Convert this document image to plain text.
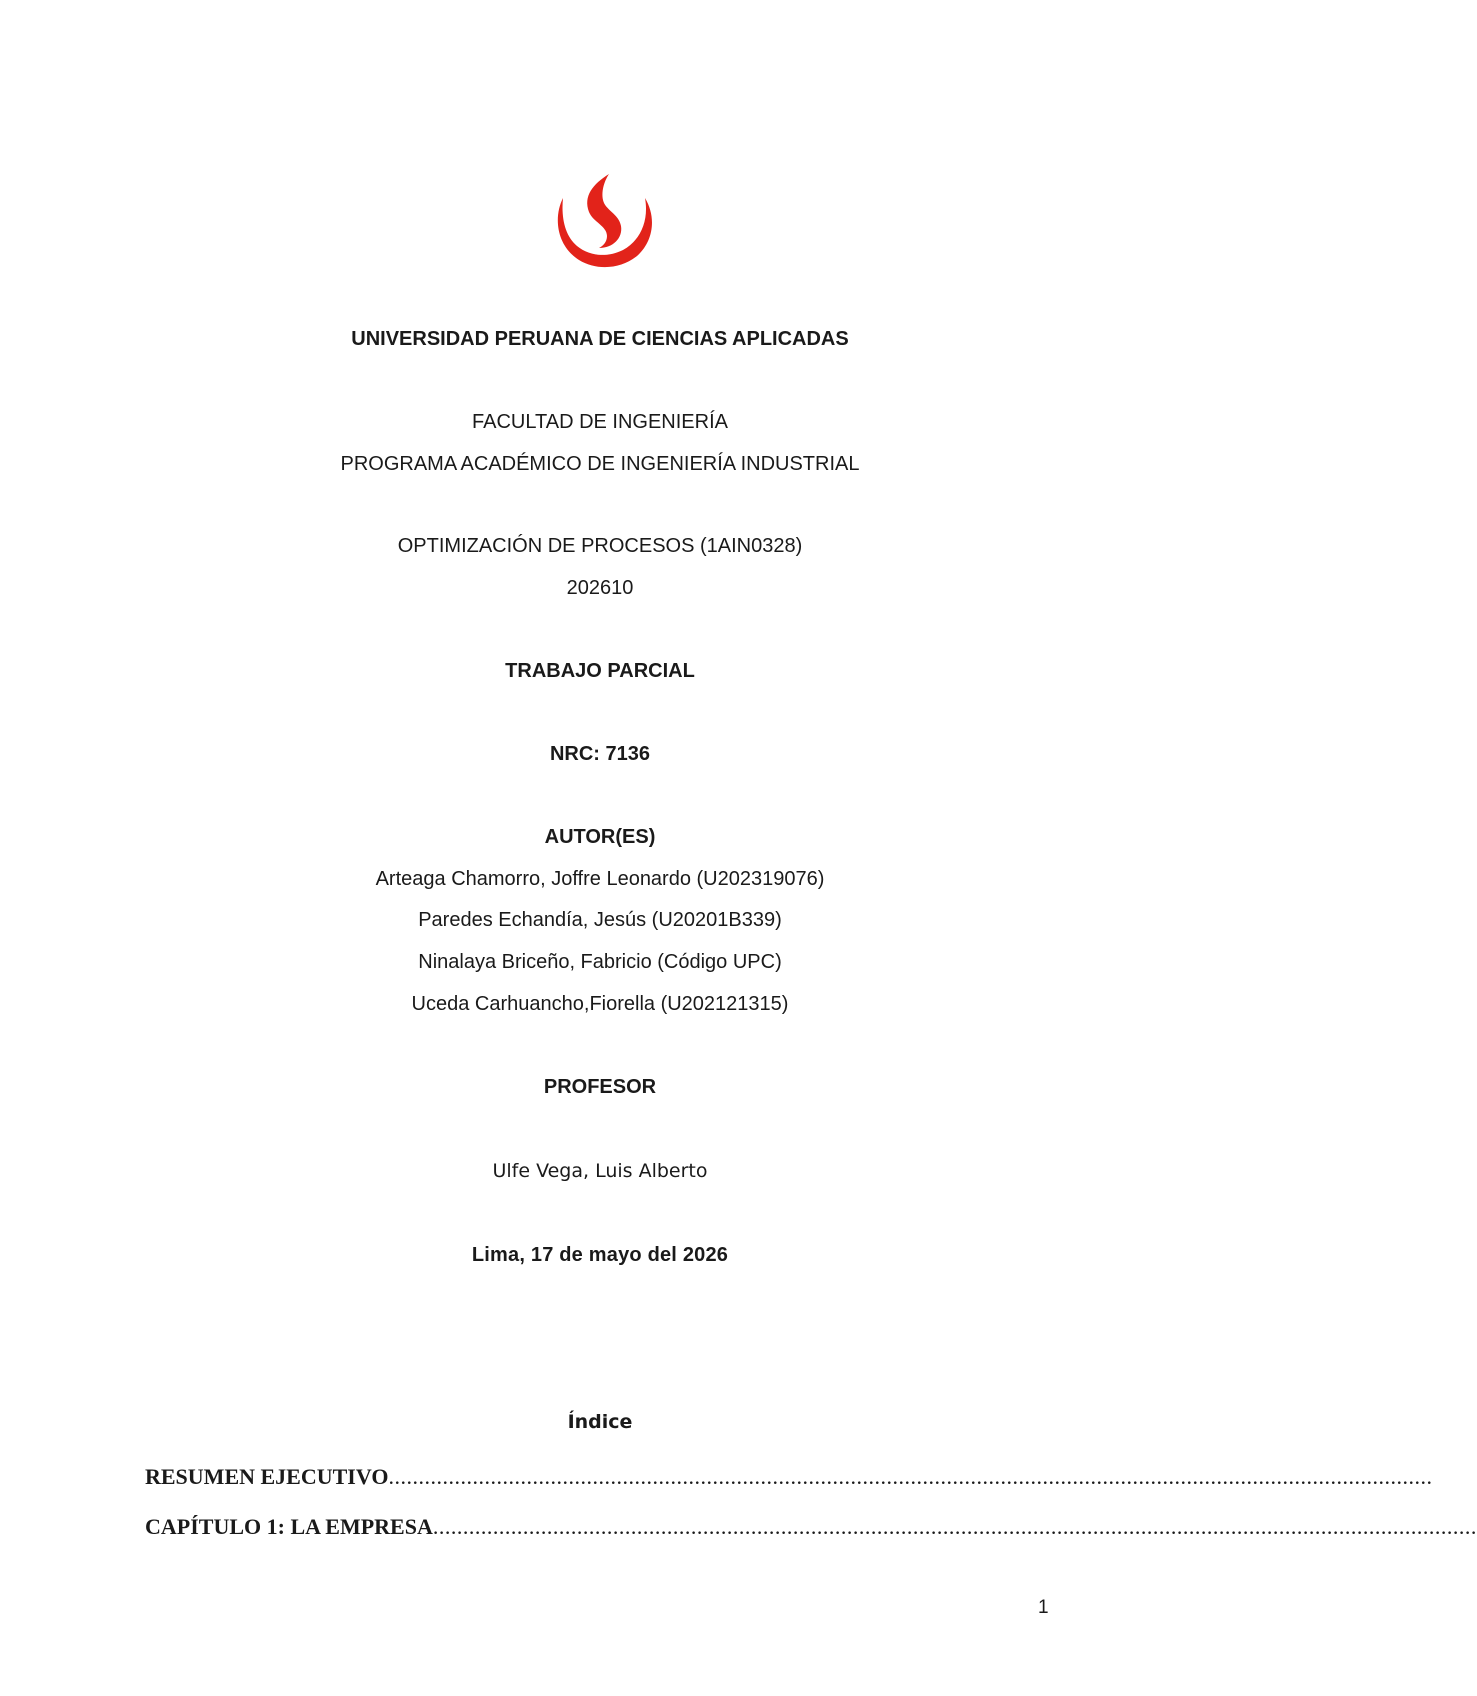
UNIVERSIDAD PERUANA DE CIENCIAS APLICADAS
FACULTAD DE INGENIERÍA
PROGRAMA ACADÉMICO DE INGENIERÍA INDUSTRIAL
OPTIMIZACIÓN DE PROCESOS (1AIN0328)
202610
TRABAJO PARCIAL
NRC: 7136
AUTOR(ES)
Arteaga Chamorro, Joffre Leonardo (U202319076)
Paredes Echandía, Jesús (U20201B339)
Ninalaya Briceño, Fabricio (Código UPC)
Uceda Carhuancho,Fiorella (U202121315)
PROFESOR
Ulfe Vega, Luis Alberto
Lima, 17 de mayo del 2026
Índice
RESUMEN EJECUTIVO..............................................................................................................................................................................
CAPÍTULO 1: LA EMPRESA..............................................................................................................................................................................
1
